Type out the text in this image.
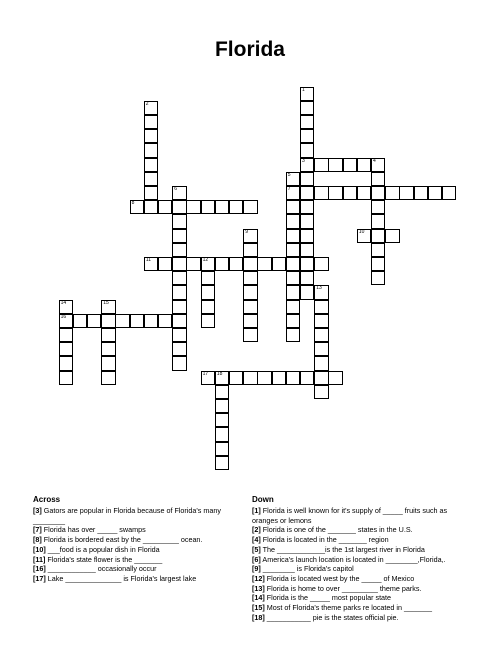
Florida
1
3
2
4
5
7
6
8
9	10
11	12
13
14
16
15
17 18
Across
[3] Gators are popular in Florida because of Florida's many ________
[7] Florida has over _____ swamps
[8] Florida is bordered east by the _________ ocean.
[10] ___food is a popular dish in Florida
[11] Florida's state flower is the _______
[16] ____________ occasionally occur
[17] Lake ______________ is Florida's largest lake
Down
[1] Florida is well known for it's supply of _____ fruits such as oranges or lemons
[2] Florida is one of the _______ states in the U.S.
[4] Florida is located in the _______ region
[5] The ____________is the 1st largest river in Florida
[6] America's launch location is located in ________,Florida,.
[9] ________ is Florida's capitol
[12] Florida is located west by the _____ of Mexico
[13] Florida is home to over _________ theme parks.
[14] Florida is the _____ most popular state
[15] Most of Florida's theme parks re located in _______
[18] ___________ pie is the states official pie.
